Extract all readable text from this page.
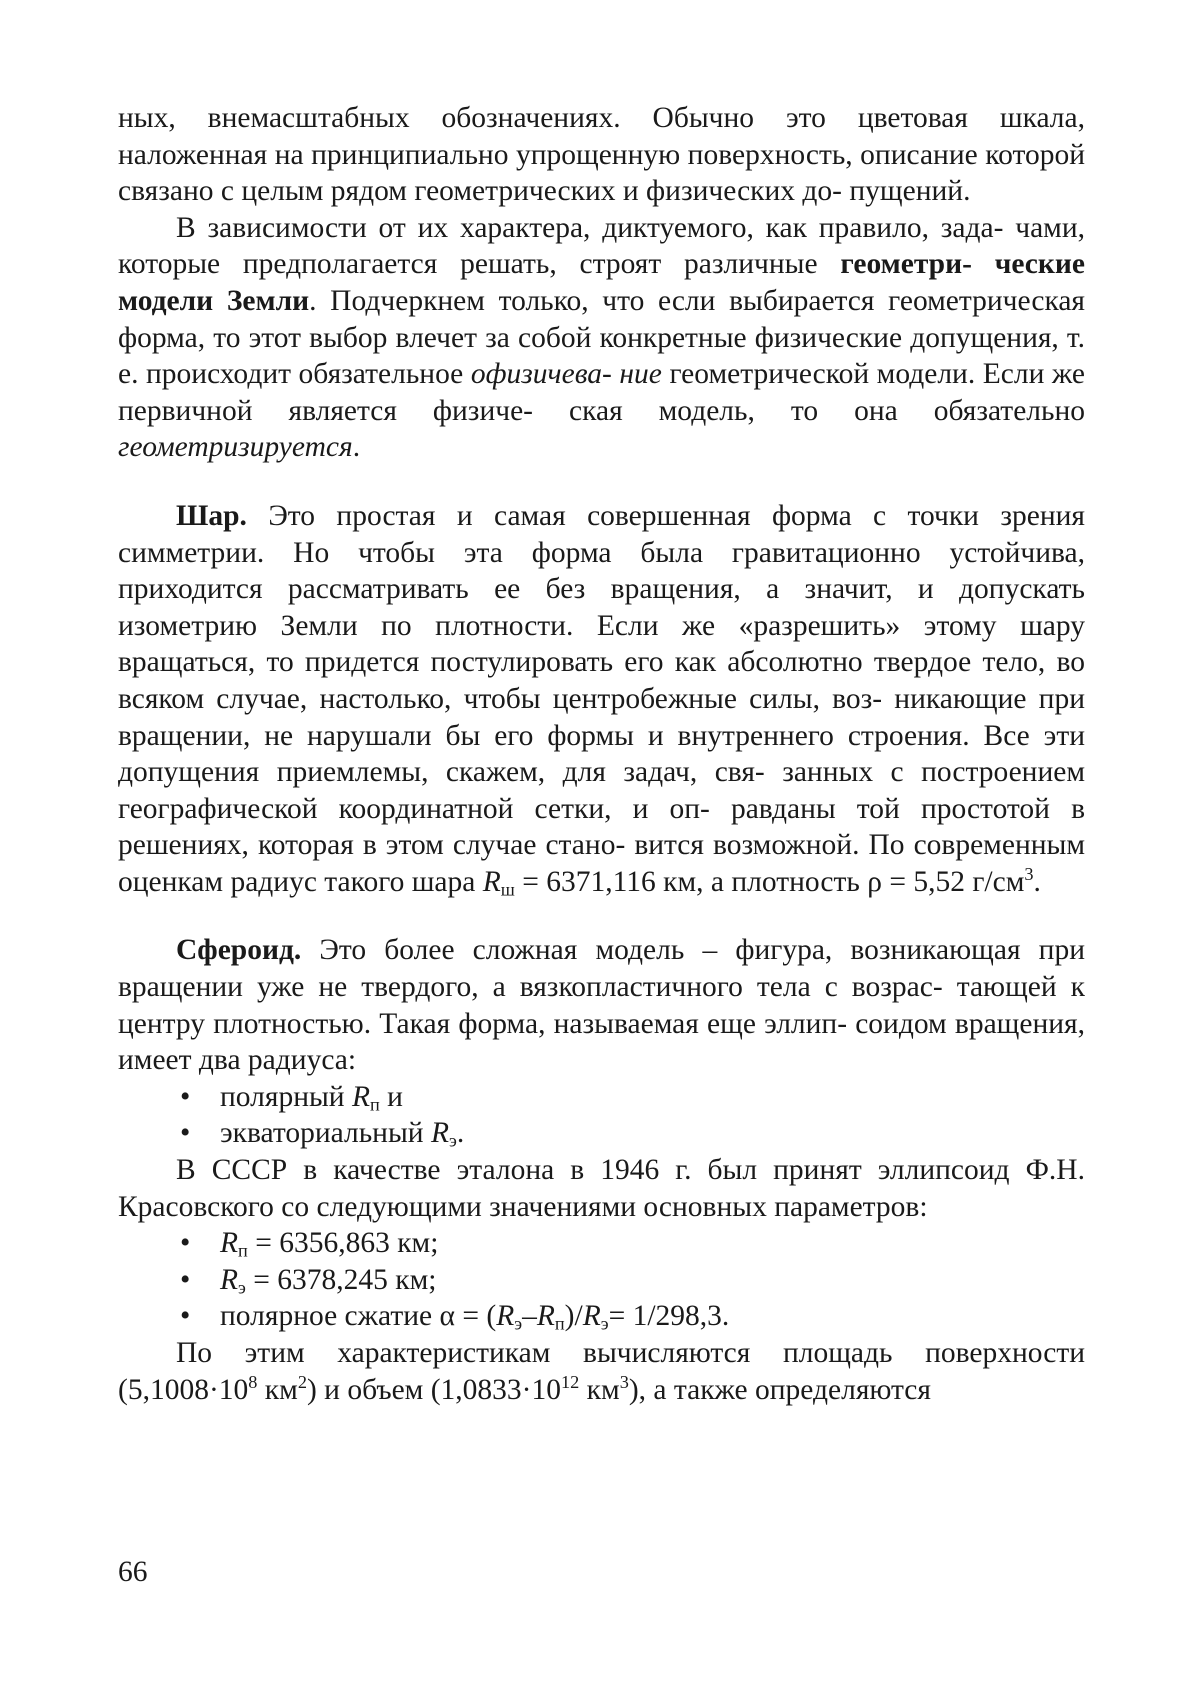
ных, внемасштабных обозначениях. Обычно это цветовая шкала, наложенная на принципиально упрощенную поверхность, описание которой связано с целым рядом геометрических и физических до- пущений.

В зависимости от их характера, диктуемого, как правило, зада- чами, которые предполагается решать, строят различные геометри- ческие модели Земли. Подчеркнем только, что если выбирается геометрическая форма, то этот выбор влечет за собой конкретные физические допущения, т. е. происходит обязательное офизичева- ние геометрической модели. Если же первичной является физиче- ская модель, то она обязательно геометризируется.

Шар. Это простая и самая совершенная форма с точки зрения симметрии. Но чтобы эта форма была гравитационно устойчива, приходится рассматривать ее без вращения, а значит, и допускать изометрию Земли по плотности. Если же «разрешить» этому шару вращаться, то придется постулировать его как абсолютно твердое тело, во всяком случае, настолько, чтобы центробежные силы, воз- никающие при вращении, не нарушали бы его формы и внутреннего строения. Все эти допущения приемлемы, скажем, для задач, свя- занных с построением географической координатной сетки, и оп- равданы той простотой в решениях, которая в этом случае стано- вится возможной. По современным оценкам радиус такого шара $R_ш = 6371,116$ км, а плотность ρ = 5,52 $г/см^3$.

Сфероид. Это более сложная модель – фигура, возникающая при вращении уже не твердого, а вязкопластичного тела с возрас- тающей к центру плотностью. Такая форма, называемая еще эллип- соидом вращения, имеет два радиуса:

• полярный $R_п$ и
• экваториальный $R_э$.

В СССР в качестве эталона в 1946 г. был принят эллипсоид Ф.Н. Красовского со следующими значениями основных параметров:

• $R_п = 6356,863$ км;
• $R_э = 6378,245$ км;
• полярное сжатие $\alpha = (R_э-R_п)/R_э= 1/298,3$.

По этим характеристикам вычисляются площадь поверхности ($5,1008\cdot 10^8$ $км^2$) и объем ($1,0833\cdot 10^{12}$ $км^3$), а также определяются

66
